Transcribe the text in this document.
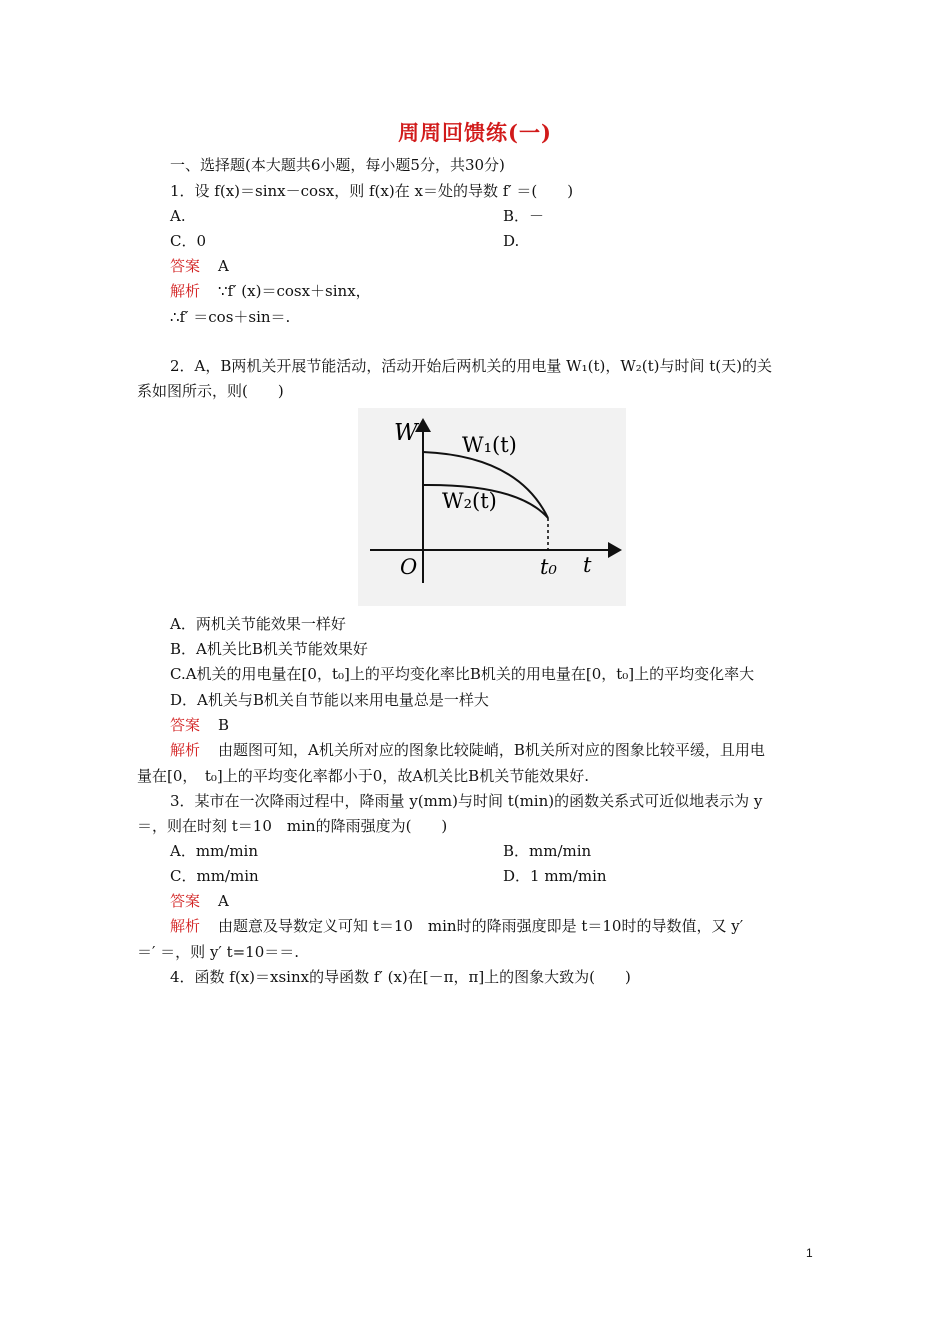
周周回馈练(一)
一、选择题(本大题共6小题，每小题5分，共30分)
1．设 f(x)＝sinx－cosx，则 f(x)在 x＝处的导数 f′ ＝(　　)
A.	B．－
C．0	D.
答案 A
解析 ∵f′ (x)＝cosx＋sinx，
∴f′ ＝cos＋sin＝.
2．A，B两机关开展节能活动，活动开始后两机关的用电量 W₁(t)，W₂(t)与时间 t(天)的关
系如图所示，则(　　)
W W₁(t)
W₂(t)
O	t₀ t
A．两机关节能效果一样好
B．A机关比B机关节能效果好
C.A机关的用电量在[0，t₀]上的平均变化率比B机关的用电量在[0，t₀]上的平均变化率大
D．A机关与B机关自节能以来用电量总是一样大
答案 B
解析 由题图可知，A机关所对应的图象比较陡峭，B机关所对应的图象比较平缓，且用电
量在[0，　t₀]上的平均变化率都小于0，故A机关比B机关节能效果好.
3．某市在一次降雨过程中，降雨量 y(mm)与时间 t(min)的函数关系式可近似地表示为 y
＝，则在时刻 t＝10　min的降雨强度为(　　)
A．mm/min	B．mm/min
C．mm/min	D．1 mm/min
答案 A
解析 由题意及导数定义可知 t＝10　min时的降雨强度即是 t＝10时的导数值，又 y′
＝′ ＝，则 y′ t=10＝＝.
4．函数 f(x)＝xsinx的导函数 f′ (x)在[－π，π]上的图象大致为(　　)
1
